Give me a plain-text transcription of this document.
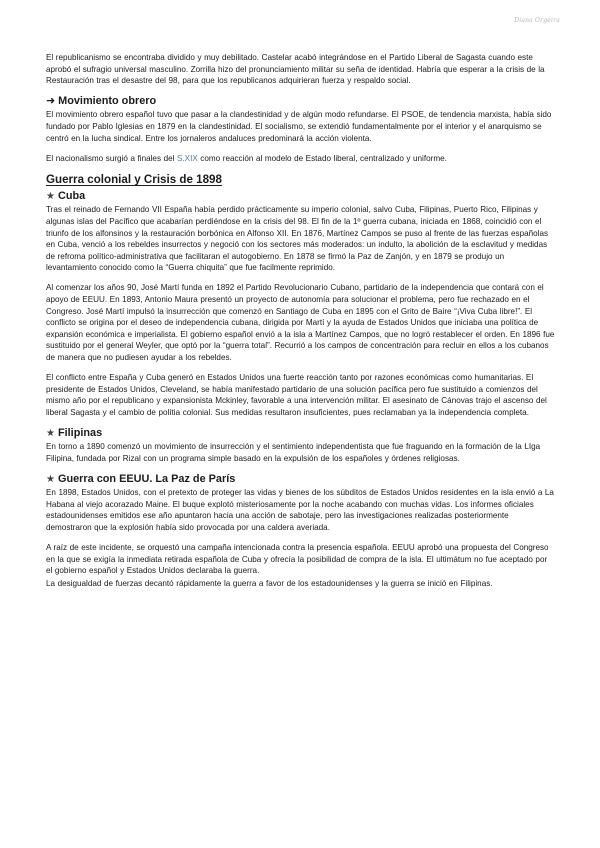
Diana Orgeira

El republicanismo se encontraba dividido y muy debilitado. Castelar acabó integrándose en el Partido Liberal de Sagasta cuando este aprobó el sufragio universal masculino. Zorrilla hizo del pronunciamiento militar su seña de identidad. Habría que esperar a la crisis de la Restauración tras el desastre del 98, para que los republicanos adquirieran fuerza y respaldo social.

➜ Movimiento obrero

El movimiento obrero español tuvo que pasar a la clandestinidad y de algún modo refundarse. El PSOE, de tendencia marxista, había sido fundado por Pablo Iglesias en 1879 en la clandestinidad. El socialismo, se extendió fundamentalmente por el interior y el anarquismo se centró en la lucha sindical. Entre los jornaleros andaluces predominará la acción violenta.

El nacionalismo surgió a finales del S.XIX como reacción al modelo de Estado liberal, centralizado y uniforme.

Guerra colonial y Crisis de 1898
★ Cuba

Tras el reinado de Fernando VII España había perdido prácticamente su imperio colonial, salvo Cuba, Filipinas, Puerto Rico, Filipinas y algunas islas del Pacífico que acabarían perdiéndose en la crisis del 98. El fin de la 1º guerra cubana, iniciada en 1868, coincidió con el triunfo de los alfonsinos y la restauración borbónica en Alfonso XII. En 1876, Martínez Campos se puso al frente de las fuerzas españolas en Cuba, venció a los rebeldes insurrectos y negoció con los sectores más moderados: un indulto, la abolición de la esclavitud y medidas de refroma político-administrativa que facilitaran el autogobierno. En 1878 se firmó la Paz de Zanjón, y en 1879 se produjo un levantamiento conocido como la “Guerra chiquita” que fue facilmente reprimido.

Al comenzar los años 90, José Martí funda en 1892 el Partido Revolucionario Cubano, partidario de la independencia que contará con el apoyo de EEUU. En 1893, Antonio Maura presentó un proyecto de autonomía para solucionar el problema, pero fue rechazado en el Congreso. José Martí impulsó la insurrección que comenzó en Santiago de Cuba en 1895 con el Grito de Baire “¡Viva Cuba libre!”. El conflicto se origina por el deseo de independencia cubana, dirigida por Martí y la ayuda de Estados Unidos que iniciaba una política de expansión económica e imperialista. El gobierno español envió a la isla a Martínez Campos, que no logró restablecer el orden. En 1896 fue sustituido por el general Weyler, que optó por la “guerra total”. Recurrió a los campos de concentración para recluir en ellos a los cubanos de manera que no pudiesen ayudar a los rebeldes.

El conflicto entre España y Cuba generó en Estados Unidos una fuerte reacción tanto por razones económicas como humanitarias. El presidente de Estados Unidos, Cleveland, se había manifestado partidario de una solución pacífica pero fue sustituido a comienzos del mismo año por el republicano y expansionista Mckinley, favorable a una intervención militar. El asesinato de Cánovas trajo el ascenso del liberal Sagasta y el cambio de polítia colonial. Sus medidas resultaron insuficientes, pues reclamaban ya la independencia completa.

★ Filipinas

En torno a 1890 comenzó un movimiento de insurrección y el sentimiento independentista que fue fraguando en la formación de la LIga Filipina, fundada por Rizal con un programa simple basado en la expulsión de los españoles y órdenes religiosas.

★ Guerra con EEUU. La Paz de París

En 1898, Estados Unidos, con el pretexto de proteger las vidas y bienes de los súbditos de Estados Unidos residentes en la isla envió a La Habana al viejo acorazado Maine. El buque explotó misteriosamente por la noche acabando con muchas vidas. Los informes oficiales estadounidenses emitidos ese año apuntaron hacia una acción de sabotaje, pero las investigaciones realizadas posteriormente demostraron que la explosión había sido provocada por una caldera averiada.

A raíz de este incidente, se orquestó una campaña intencionada contra la presencia española. EEUU aprobó una propuesta del Congreso en la que se exigía la inmediata retirada española de Cuba y ofrecía la posibilidad de compra de la isla. El ultimátum no fue aceptado por el gobierno español y Estados Unidos declaraba la guerra.

La desigualdad de fuerzas decantó rápidamente la guerra a favor de los estadounidenses y la guerra se inició en Filipinas.
